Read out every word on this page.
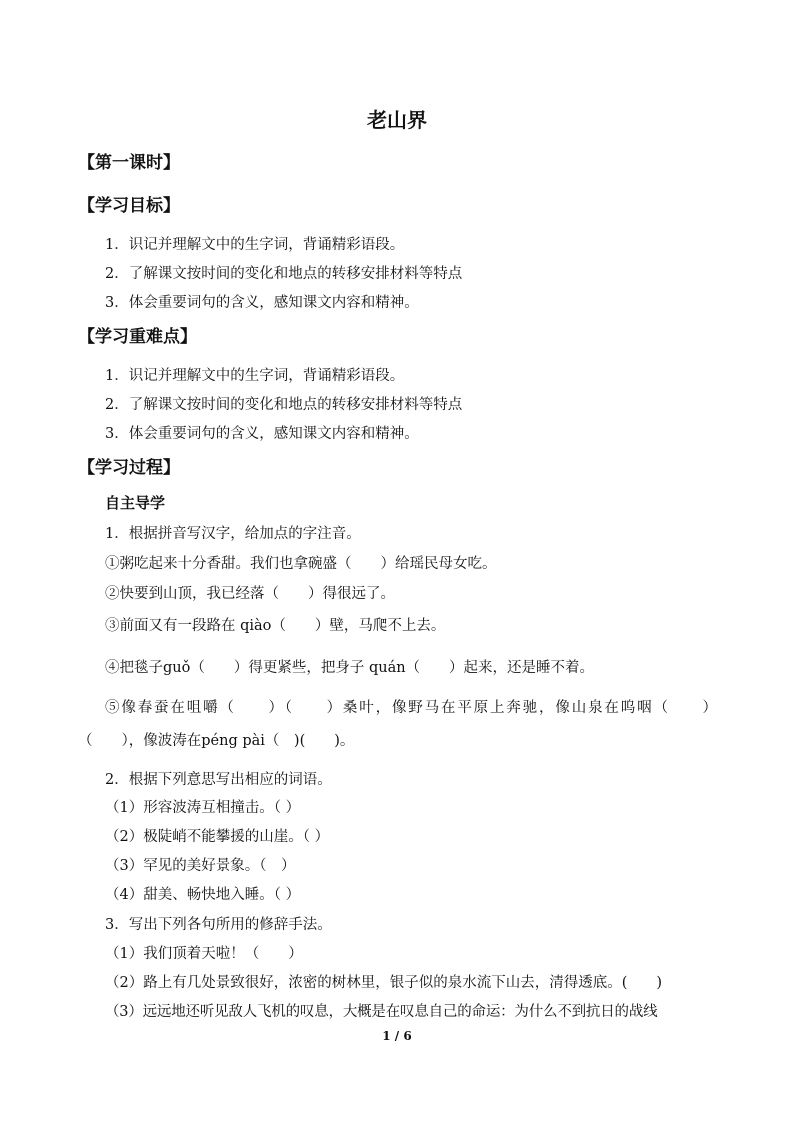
老山界
【第一课时】
【学习目标】
1．识记并理解文中的生字词，背诵精彩语段。
2．了解课文按时间的变化和地点的转移安排材料等特点
3．体会重要词句的含义，感知课文内容和精神。
【学习重难点】
1．识记并理解文中的生字词，背诵精彩语段。
2．了解课文按时间的变化和地点的转移安排材料等特点
3．体会重要词句的含义，感知课文内容和精神。
【学习过程】
自主导学
1．根据拼音写汉字，给加点的字注音。
①粥吃起来十分香甜。我们也拿碗盛（　　）给瑶民母女吃。
②快要到山顶，我已经落（　　）得很远了。
③前面又有一段路在 qiào（　　）壁，马爬不上去。
④把毯子guǒ（　　）得更紧些，把身子 quán（　　）起来，还是睡不着。
⑤像春蚕在咀嚼（　　）（　　）桑叶，像野马在平原上奔驰，像山泉在呜咽（　　）
（　　），像波涛在péng pài（　)(　　)。
2．根据下列意思写出相应的词语。
（1）形容波涛互相撞击。（ ）
（2）极陡峭不能攀援的山崖。（ ）
（3）罕见的美好景象。（　）
（4）甜美、畅快地入睡。（ ）
3．写出下列各句所用的修辞手法。
（1）我们顶着天啦！（　　）
（2）路上有几处景致很好，浓密的树林里，银子似的泉水流下山去，清得透底。(　　)
（3）远远地还听见敌人飞机的叹息，大概是在叹息自己的命运：为什么不到抗日的战线
1 / 6
